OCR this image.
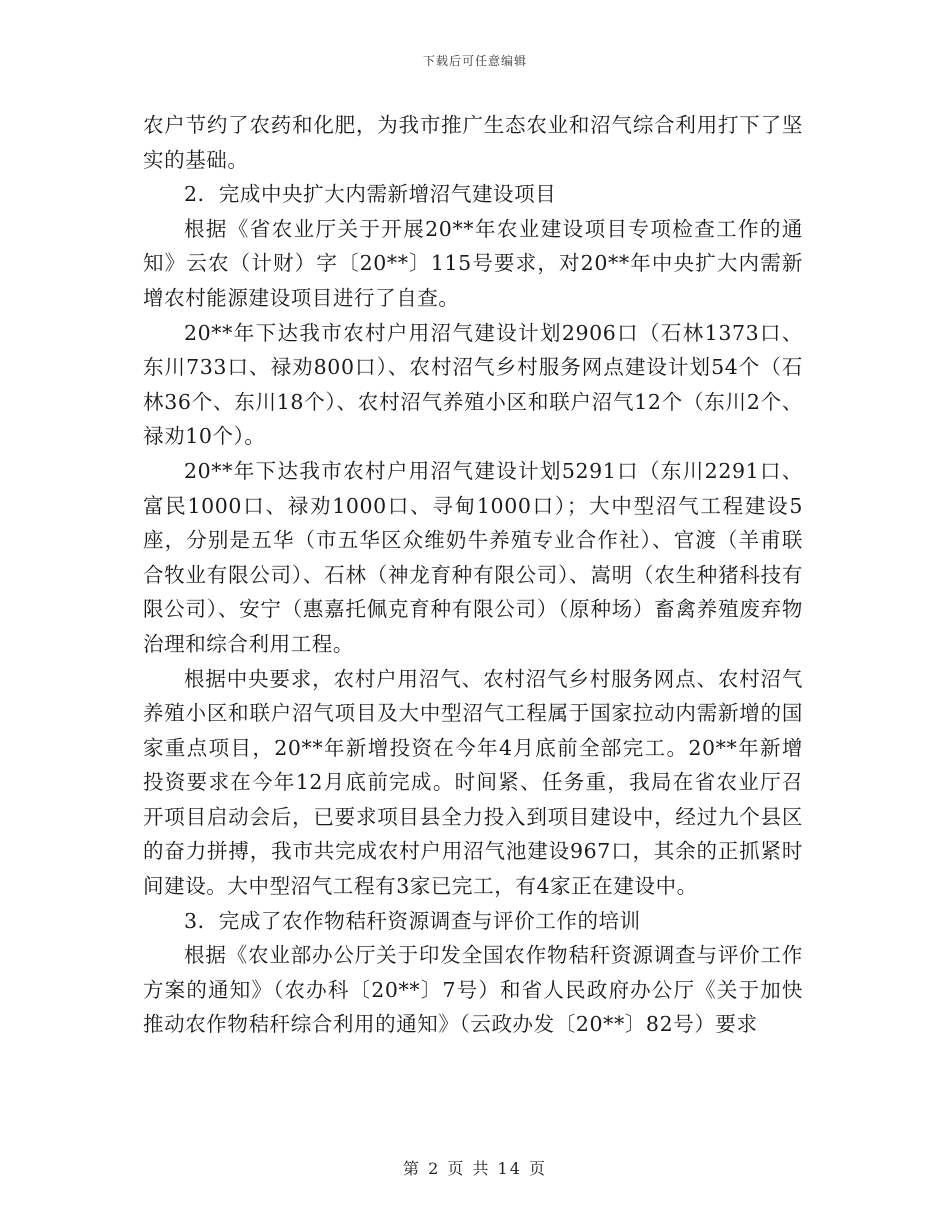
下载后可任意编辑

农户节约了农药和化肥，为我市推广生态农业和沼气综合利用打下了坚实的基础。

2．完成中央扩大内需新增沼气建设项目

根据《省农业厅关于开展20**年农业建设项目专项检查工作的通知》云农（计财）字〔20**〕115号要求，对20**年中央扩大内需新增农村能源建设项目进行了自查。

20**年下达我市农村户用沼气建设计划2906口（石林1373口、东川733口、禄劝800口）、农村沼气乡村服务网点建设计划54个（石林36个、东川18个）、农村沼气养殖小区和联户沼气12个（东川2个、禄劝10个）。

20**年下达我市农村户用沼气建设计划5291口（东川2291口、富民1000口、禄劝1000口、寻甸1000口）；大中型沼气工程建设5座，分别是五华（市五华区众维奶牛养殖专业合作社）、官渡（羊甫联合牧业有限公司）、石林（神龙育种有限公司）、嵩明（农生种猪科技有限公司）、安宁（惠嘉托佩克育种有限公司）（原种场）畜禽养殖废弃物治理和综合利用工程。

根据中央要求，农村户用沼气、农村沼气乡村服务网点、农村沼气养殖小区和联户沼气项目及大中型沼气工程属于国家拉动内需新增的国家重点项目，20**年新增投资在今年4月底前全部完工。20**年新增投资要求在今年12月底前完成。时间紧、任务重，我局在省农业厅召开项目启动会后，已要求项目县全力投入到项目建设中，经过九个县区的奋力拼搏，我市共完成农村户用沼气池建设967口，其余的正抓紧时间建设。大中型沼气工程有3家已完工，有4家正在建设中。

3．完成了农作物秸秆资源调查与评价工作的培训

根据《农业部办公厅关于印发全国农作物秸秆资源调查与评价工作方案的通知》（农办科〔20**〕7号）和省人民政府办公厅《关于加快推动农作物秸秆综合利用的通知》（云政办发〔20**〕82号）要求

第 2 页 共 14 页
